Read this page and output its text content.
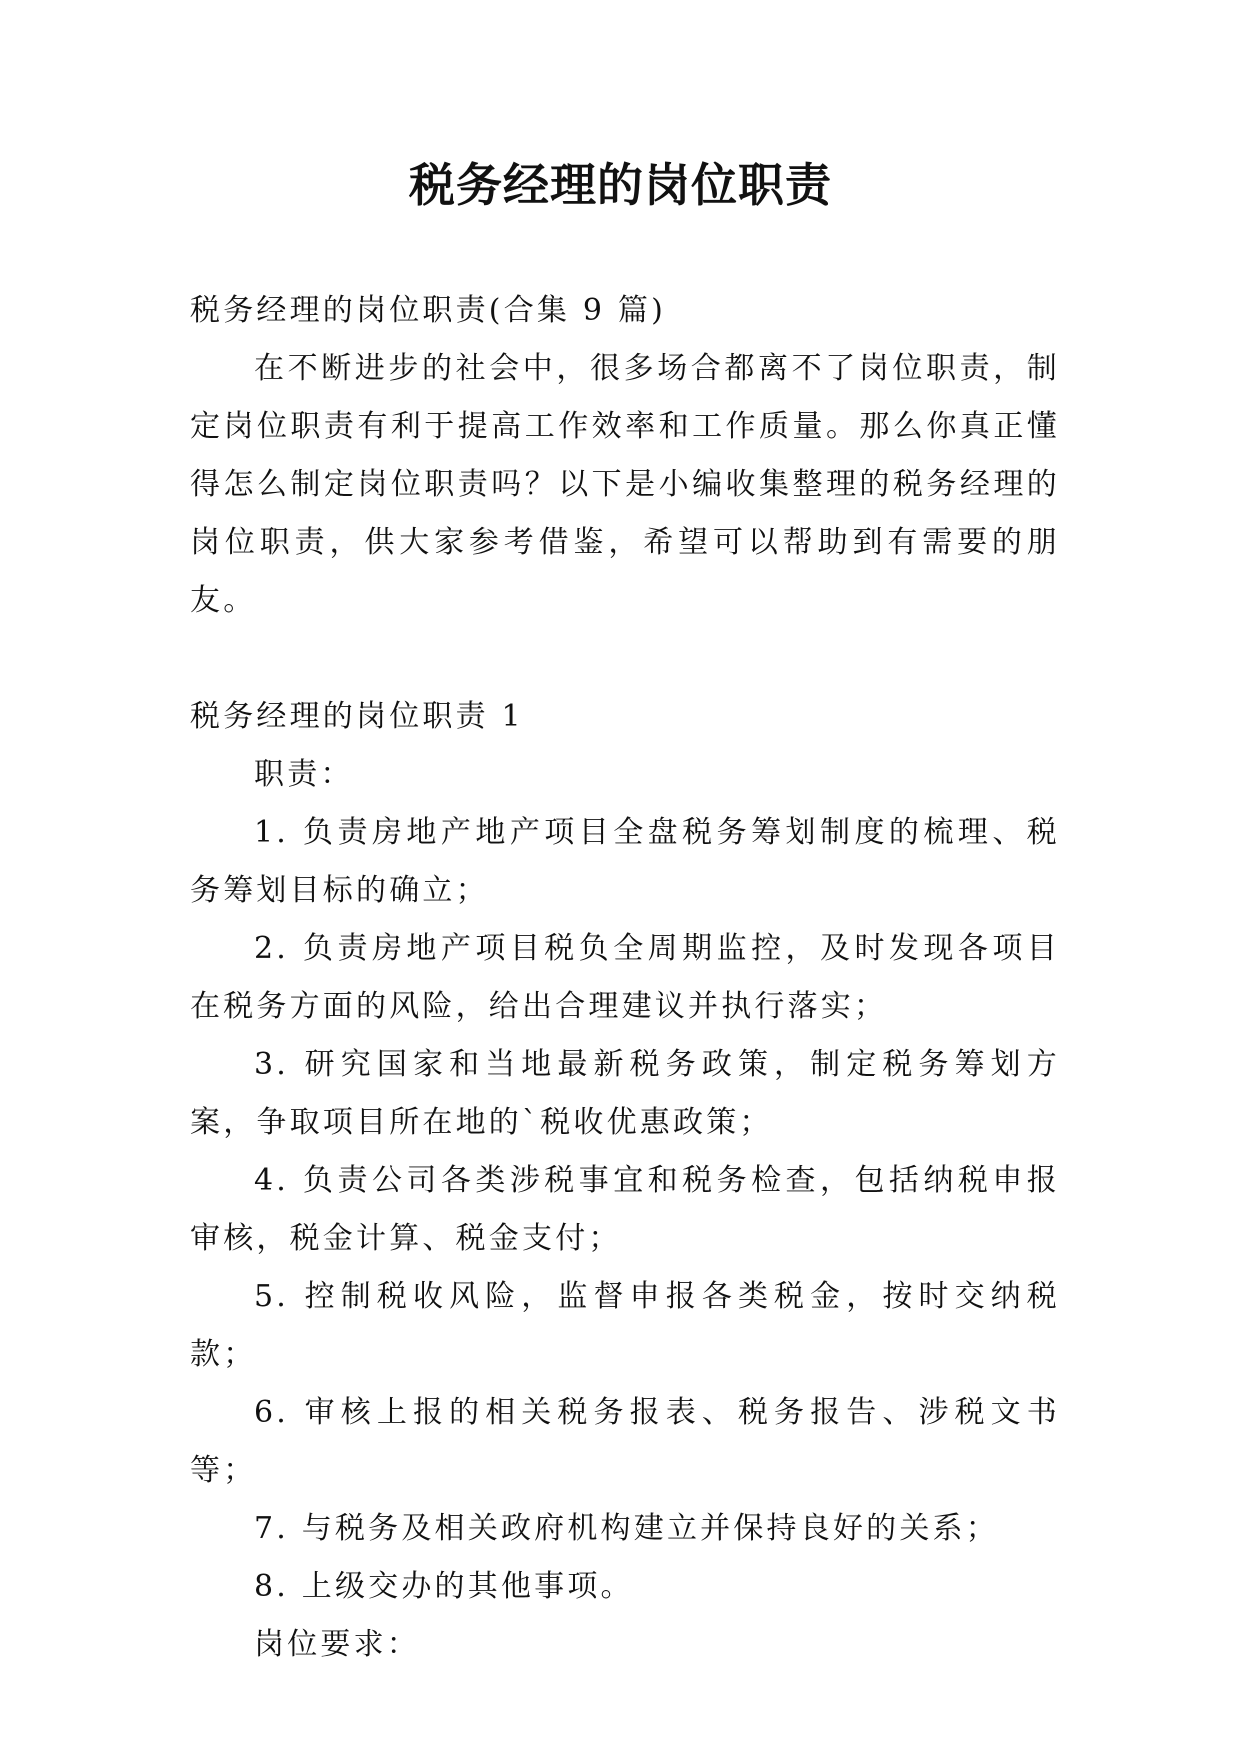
税务经理的岗位职责

税务经理的岗位职责(合集 9 篇)

在不断进步的社会中，很多场合都离不了岗位职责，制定岗位职责有利于提高工作效率和工作质量。那么你真正懂得怎么制定岗位职责吗？以下是小编收集整理的税务经理的岗位职责，供大家参考借鉴，希望可以帮助到有需要的朋友。

税务经理的岗位职责 1

职责：

1. 负责房地产地产项目全盘税务筹划制度的梳理、税务筹划目标的确立；

2. 负责房地产项目税负全周期监控，及时发现各项目在税务方面的风险，给出合理建议并执行落实；

3. 研究国家和当地最新税务政策，制定税务筹划方案，争取项目所在地的`税收优惠政策；

4. 负责公司各类涉税事宜和税务检查，包括纳税申报审核，税金计算、税金支付；

5. 控制税收风险，监督申报各类税金，按时交纳税款；

6. 审核上报的相关税务报表、税务报告、涉税文书等；

7. 与税务及相关政府机构建立并保持良好的关系；

8. 上级交办的其他事项。

岗位要求：
